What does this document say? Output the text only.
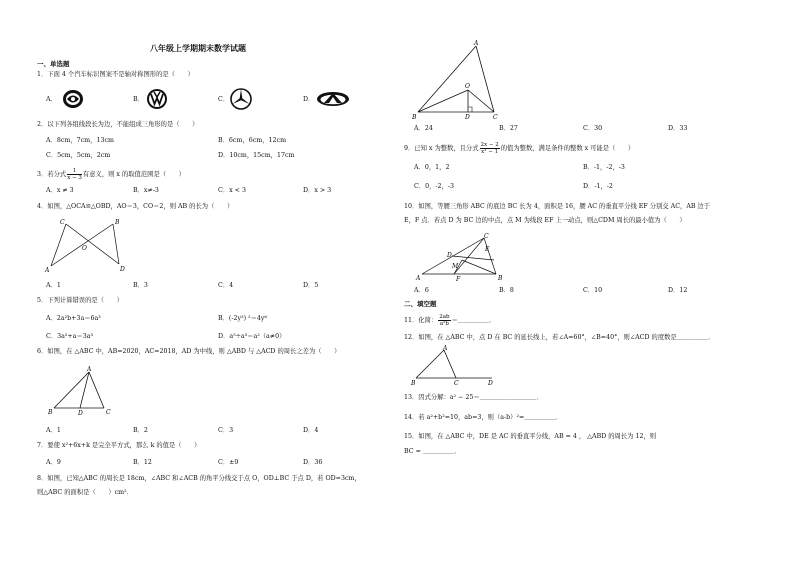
八年级上学期期末数学试题
一、单选题
1．下面 4 个汽车标识图案不是轴对称图形的是（　　）
A．	B．	C．	D．
2．以下列各组线段长为边，不能组成三角形的是（　　）
A．8cm，7cm，13cm	B．6cm，6cm，12cm
C．5cm，5cm，2cm	D．10cm，15cm，17cm
3．若分式 $\frac{1}{x - 3}$ 有意义，则 x 的取值范围是（　　）
A．x ≠ 3	B．x≠-3	C．x < 3	D．x > 3
4．如图，△OCA≌△OBD，AO＝3，CO＝2，则 AB 的长为（　　）
C	B
O
A	D
A．1	B．3	C．4	D．5
5．下列计算错误的是（　　）
A．2a²b+3a＝6a³	B．(-2y³) ²＝4y⁶
C．3a²+a＝3a³	D．a⁵÷a³＝a²（a≠0）
6．如图，在 △ABC 中，AB=2020，AC=2018，AD 为中线，则 △ABD 与 △ACD 的周长之差为（　　）
A
B	D	C
A．1	B．2	C．3	D．4
7．要使 x²+6x+k 是完全平方式，那么 k 的值是（　　）
A．9	B．12	C．±9	D．36
8．如图，已知△ABC 的周长是 18cm，∠ABC 和∠ACB 的角平分线交于点 O，OD⊥BC 于点 D，若 OD=3cm，
则△ABC 的面积是（　　）cm²．
A
O
B	D	C
A．24	B．27	C．30	D．33
9．已知 x 为整数，且分式 $\frac{2x - 2}{\text{x² − 1}}$ 的值为整数，满足条件的整数 x 可能是（　　）
A．0，1，2	B．-1，-2，-3
C．0，-2，-3	D．-1，-2
10．如图，等腰三角形 ABC 的底边 BC 长为 4，面积是 16，腰 AC 的垂直平分线 EF 分别交 AC，AB 边于
E，F 点．若点 D 为 BC 边的中点，点 M 为线段 EF 上一动点，则△CDM 周长的最小值为（　　）
C
E
D
M
A	F	B
A．6	B．8	C．10	D．12
二、填空题
11．化简： $\frac{2ab}{\text{a²b}}$ ＝＿＿＿＿＿．
12．如图，在 △ABC 中，点 D 在 BC 的延长线上，若∠A=60°，∠B=40°，则∠ACD 的度数是＿＿＿＿＿．
A
B	C	D
13．因式分解：a² − 25＝＿＿＿＿＿＿＿＿＿．
14．若 a²+b²=10，ab=3，则（a-b）²=＿＿＿＿＿．
15．如图，在 △ABC 中，DE 是 AC 的垂直平分线，AB = 4 ， △ABD 的周长为 12，则
BC = ＿＿＿＿＿．
